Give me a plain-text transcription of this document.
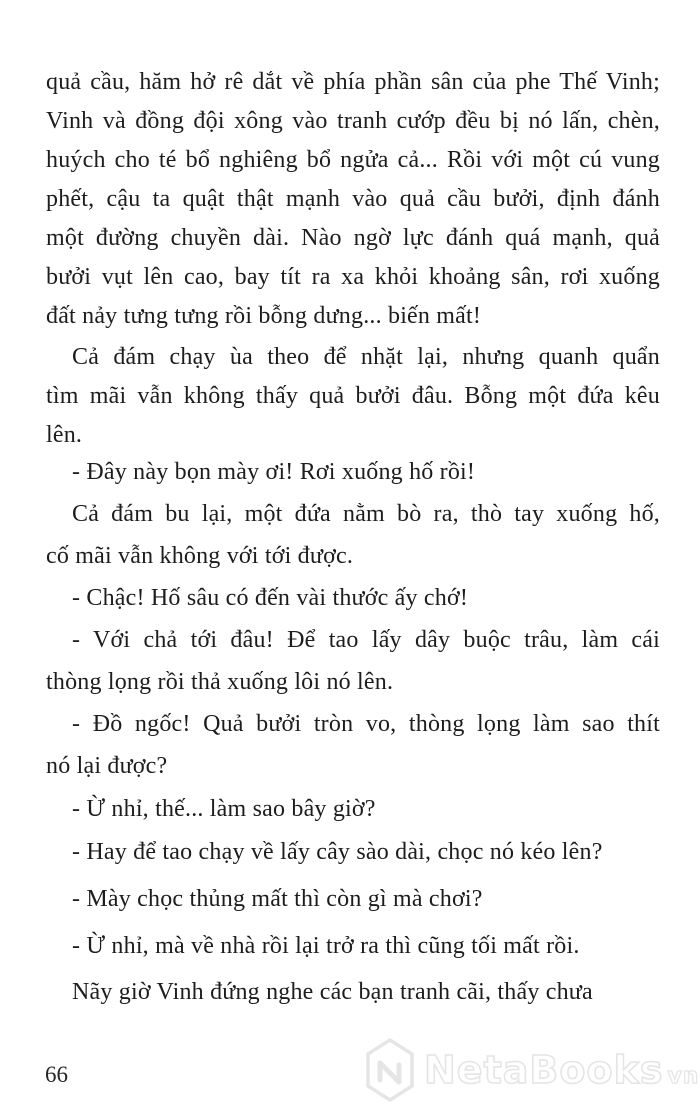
quả cầu, hăm hở rê dắt về phía phần sân của phe Thế Vinh;
Vinh và đồng đội xông vào tranh cướp đều bị nó lấn, chèn,
huých cho té bổ nghiêng bổ ngửa cả... Rồi với một cú vung
phết, cậu ta quật thật mạnh vào quả cầu bưởi, định đánh
một đường chuyền dài. Nào ngờ lực đánh quá mạnh, quả
bưởi vụt lên cao, bay tít ra xa khỏi khoảng sân, rơi xuống
đất nảy tưng tưng rồi bỗng dưng... biến mất!
Cả đám chạy ùa theo để nhặt lại, nhưng quanh quẩn
tìm mãi vẫn không thấy quả bưởi đâu. Bỗng một đứa kêu
lên.
- Đây này bọn mày ơi! Rơi xuống hố rồi!
Cả đám bu lại, một đứa nằm bò ra, thò tay xuống hố,
cố mãi vẫn không với tới được.
- Chậc! Hố sâu có đến vài thước ấy chớ!
- Với chả tới đâu! Để tao lấy dây buộc trâu, làm cái
thòng lọng rồi thả xuống lôi nó lên.
- Đồ ngốc! Quả bưởi tròn vo, thòng lọng làm sao thít
nó lại được?
- Ừ nhỉ, thế... làm sao bây giờ?
- Hay để tao chạy về lấy cây sào dài, chọc nó kéo lên?
- Mày chọc thủng mất thì còn gì mà chơi?
- Ừ nhỉ, mà về nhà rồi lại trở ra thì cũng tối mất rồi.
Nãy giờ Vinh đứng nghe các bạn tranh cãi, thấy chưa
66	NetaBooks vn
